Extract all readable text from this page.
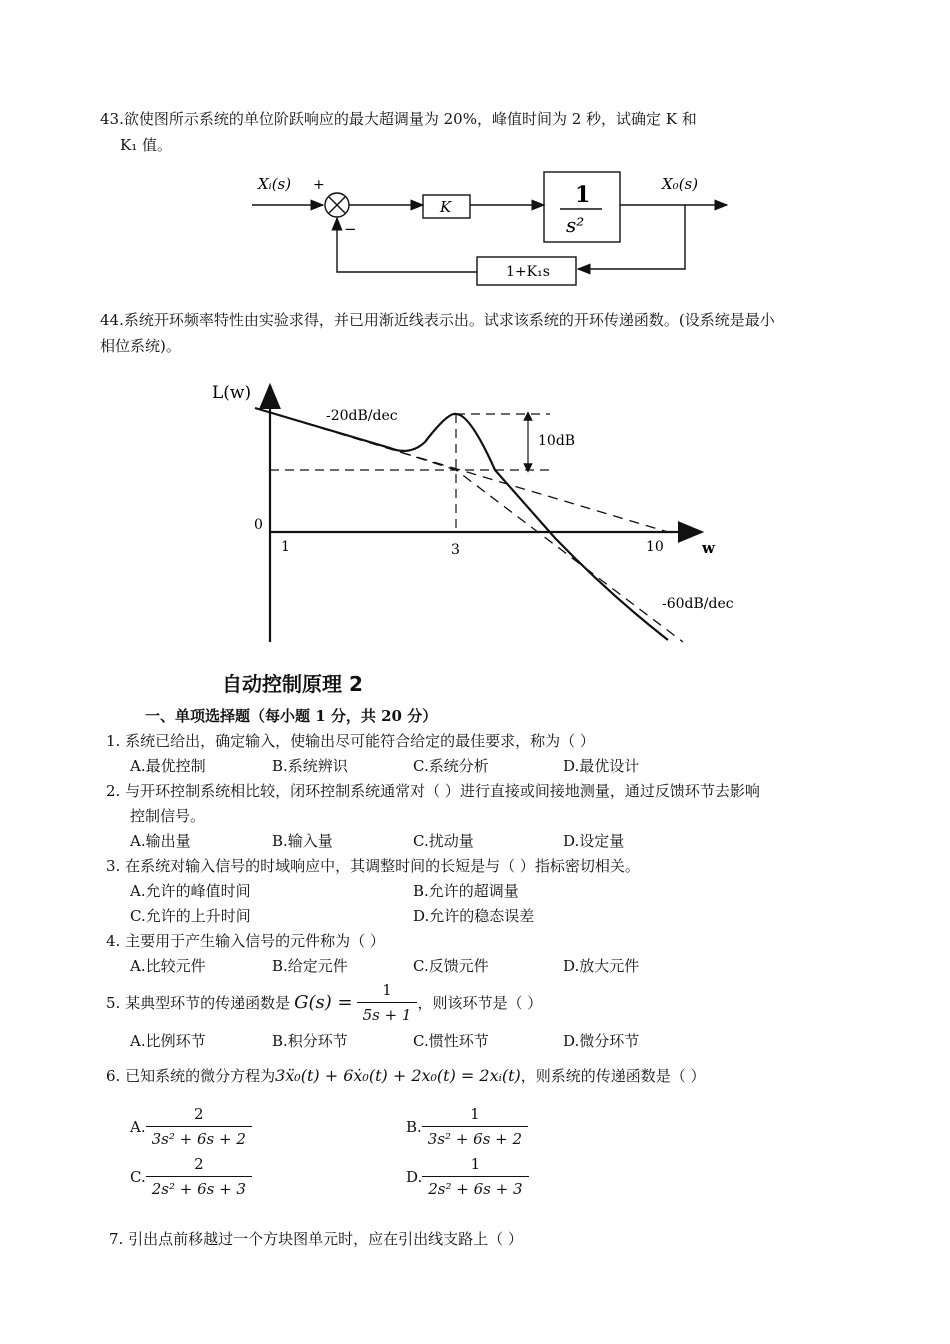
43.欲使图所示系统的单位阶跃响应的最大超调量为 20%，峰值时间为 2 秒，试确定 K 和
K₁ 值。
Xᵢ(s) +
−
K	1
s²
X₀(s)
1+K₁s
44.系统开环频率特性由实验求得，并已用渐近线表示出。试求该系统的开环传递函数。(设系统是最小
相位系统)。
L(w)
-20dB/dec
10dB
0
1	3	10	w
-60dB/dec
自动控制原理 2
一、单项选择题（每小题 1 分，共 20 分）
1. 系统已给出，确定输入，使输出尽可能符合给定的最佳要求，称为（ ）
A.最优控制	B.系统辨识	C.系统分析	D.最优设计
2. 与开环控制系统相比较，闭环控制系统通常对（ ）进行直接或间接地测量，通过反馈环节去影响
控制信号。
A.输出量	B.输入量	C.扰动量	D.设定量
3. 在系统对输入信号的时域响应中，其调整时间的长短是与（ ）指标密切相关。
A.允许的峰值时间	B.允许的超调量
C.允许的上升时间	D.允许的稳态误差
4. 主要用于产生输入信号的元件称为（ ）
A.比较元件	B.给定元件	C.反馈元件	D.放大元件
5. 某典型环节的传递函数是 $G(s) = \frac{1}{5s + 1}$ ，则该环节是（ ）
A.比例环节	B.积分环节	C.惯性环节	D.微分环节
6. 已知系统的微分方程为3ẍ₀(t) + 6ẋ₀(t) + 2x₀(t) = 2xᵢ(t)，则系统的传递函数是（ ）
A. $\frac{2}{\text{3s² + 6s + 2}}$	B. $\frac{1}{\text{3s² + 6s + 2}}$
C. $\frac{2}{\text{2s² + 6s + 3}}$	D. $\frac{1}{\text{2s² + 6s + 3}}$
7. 引出点前移越过一个方块图单元时，应在引出线支路上（ ）
